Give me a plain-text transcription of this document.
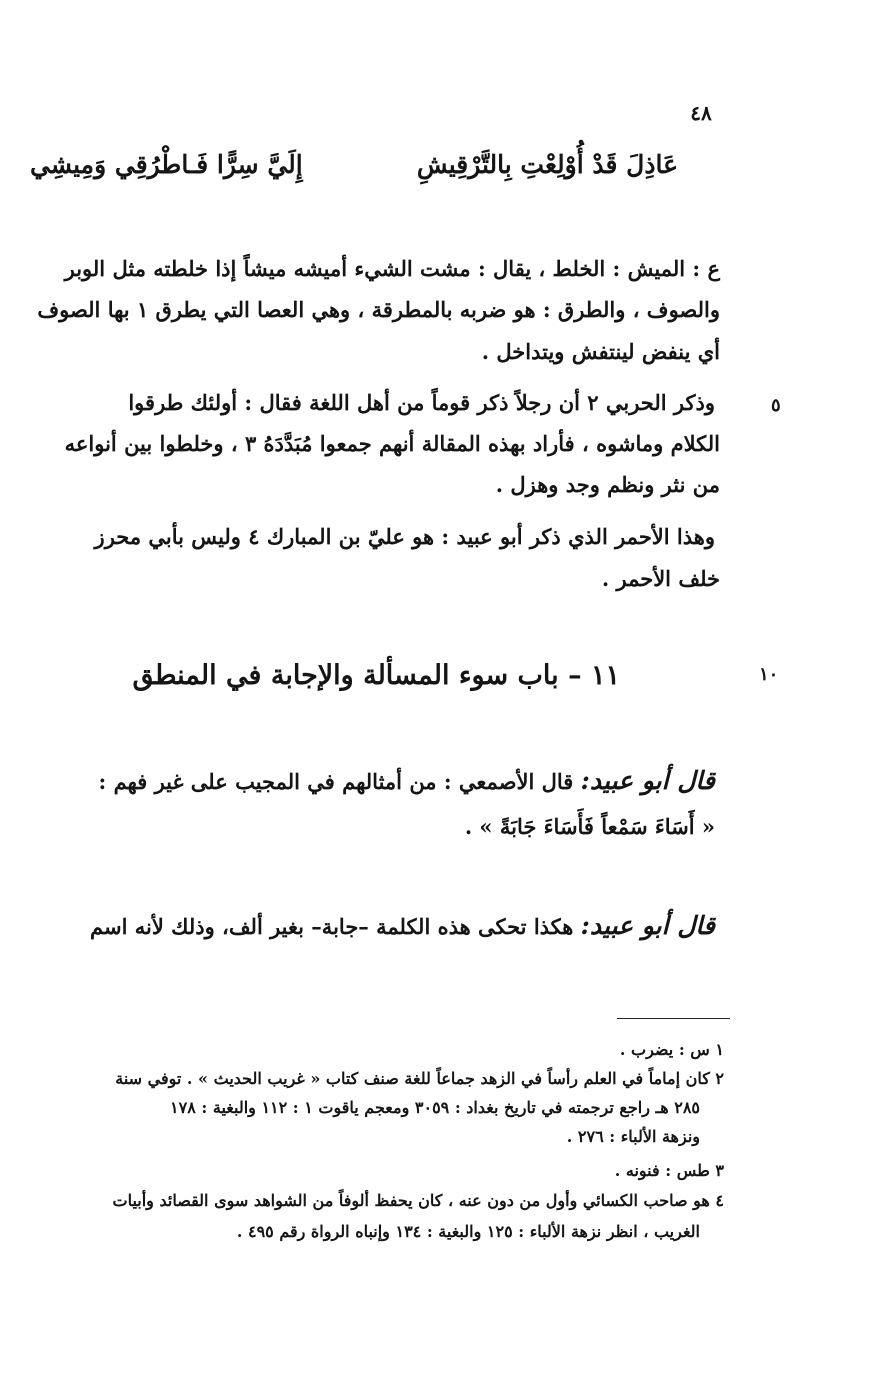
٤٨
عَاذِلَ قَدْ أُوْلِعْتِ بِالتَّرْقِيشِ
إِلَيَّ سِرًّا فَـاطْرُقِي وَمِيشِي
ع : الميش : الخلط ، يقال : مشت الشيء أميشه ميشاً إذا خلطته مثل الوبر
والصوف ، والطرق : هو ضربه بالمطرقة ، وهي العصا التي يطرق ١ بها الصوف
أي ينفض لينتفش ويتداخل .
٥
وذكر الحربي ٢ أن رجلاً ذكر قوماً من أهل اللغة فقال : أولئك طرقوا
الكلام وماشوه ، فأراد بهذه المقالة أنهم جمعوا مُبَدَّدَهُ ٣ ، وخلطوا بين أنواعه
من نثر ونظم وجد وهزل .
وهذا الأحمر الذي ذكر أبو عبيد : هو عليّ بن المبارك ٤ وليس بأبي محرز
خلف الأحمر .
١٠
١١ – باب سوء المسألة والإجابة في المنطق
قال أبو عبيد: قال الأصمعي : من أمثالهم في المجيب على غير فهم :
« أَسَاءَ سَمْعاً فَأَسَاءَ جَابَةً » .
قال أبو عبيد: هكذا تحكى هذه الكلمة –جابة– بغير ألف، وذلك لأنه اسم
١ س : يضرب .
٢ كان إماماً في العلم رأساً في الزهد جماعاً للغة صنف كتاب « غريب الحديث » . توفي سنة
٢٨٥ هـ راجع ترجمته في تاريخ بغداد : ٣٠٥٩ ومعجم ياقوت ١ : ١١٢ والبغية : ١٧٨
ونزهة الألباء : ٢٧٦ .
٣ طس : فنونه .
٤ هو صاحب الكسائي وأول من دون عنه ، كان يحفظ ألوفاً من الشواهد سوى القصائد وأبيات
الغريب ، انظر نزهة الألباء : ١٢٥ والبغية : ١٣٤ وإنباه الرواة رقم ٤٩٥ .
